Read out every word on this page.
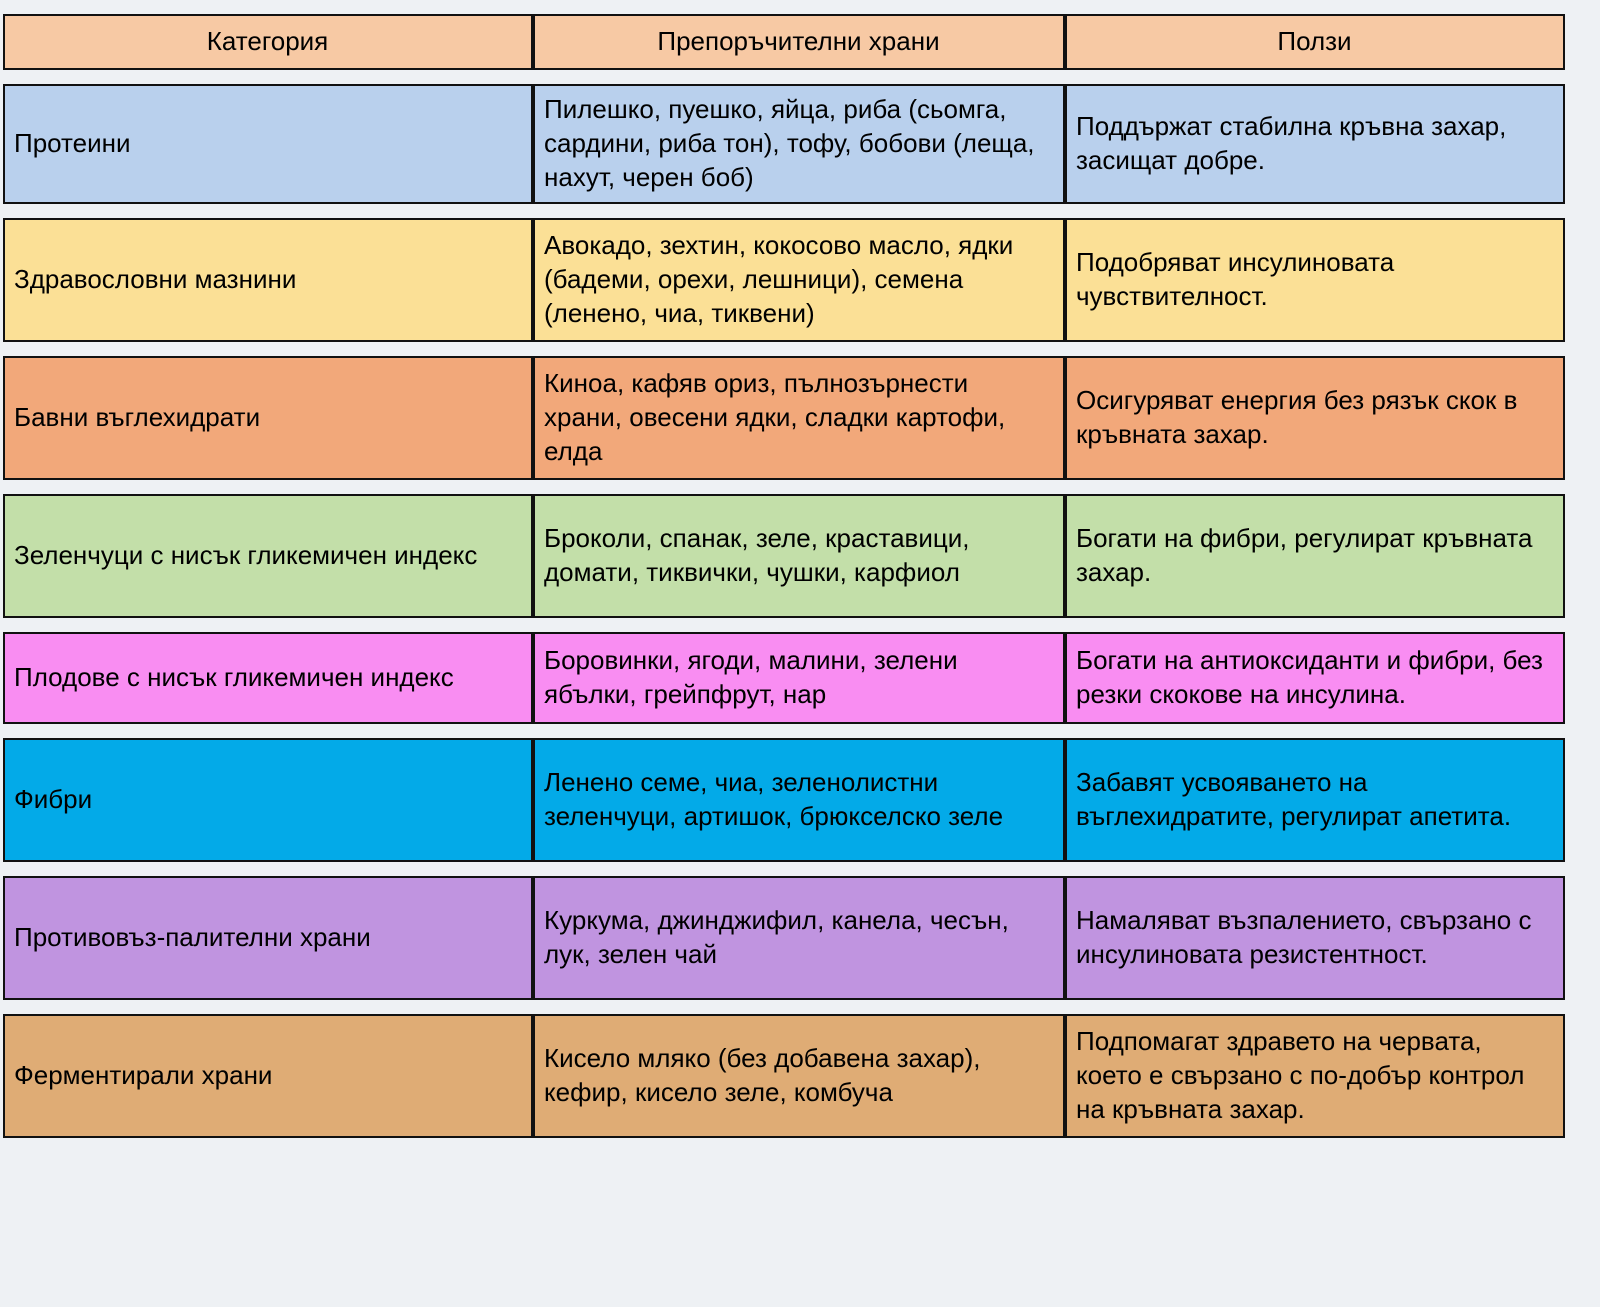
Категория	Препоръчителни храни	Ползи
Протеини	Пилешко, пуешко, яйца, риба (сьомга, сардини, риба тон), тофу, бобови (леща, нахут, черен боб)	Поддържат стабилна кръвна захар, засищат добре.
Здравословни мазнини	Авокадо, зехтин, кокосово масло, ядки (бадеми, орехи, лешници), семена (ленено, чиа, тиквени)	Подобряват инсулиновата чувствителност.
Бавни въглехидрати	Киноа, кафяв ориз, пълнозърнести храни, овесени ядки, сладки картофи, елда	Осигуряват енергия без рязък скок в кръвната захар.
Зеленчуци с нисък гликемичен индекс	Броколи, спанак, зеле, краставици, домати, тиквички, чушки, карфиол	Богати на фибри, регулират кръвната захар.
Плодове с нисък гликемичен индекс	Боровинки, ягоди, малини, зелени ябълки, грейпфрут, нар	Богати на антиоксиданти и фибри, без резки скокове на инсулина.
Фибри	Ленено семе, чиа, зеленолистни зеленчуци, артишок, брюкселско зеле	Забавят усвояването на въглехидратите, регулират апетита.
Противовъз-палителни храни	Куркума, джинджифил, канела, чесън, лук, зелен чай	Намаляват възпалението, свързано с инсулиновата резистентност.
Ферментирали храни	Кисело мляко (без добавена захар), кефир, кисело зеле, комбуча	Подпомагат здравето на червата, което е свързано с по-добър контрол на кръвната захар.
